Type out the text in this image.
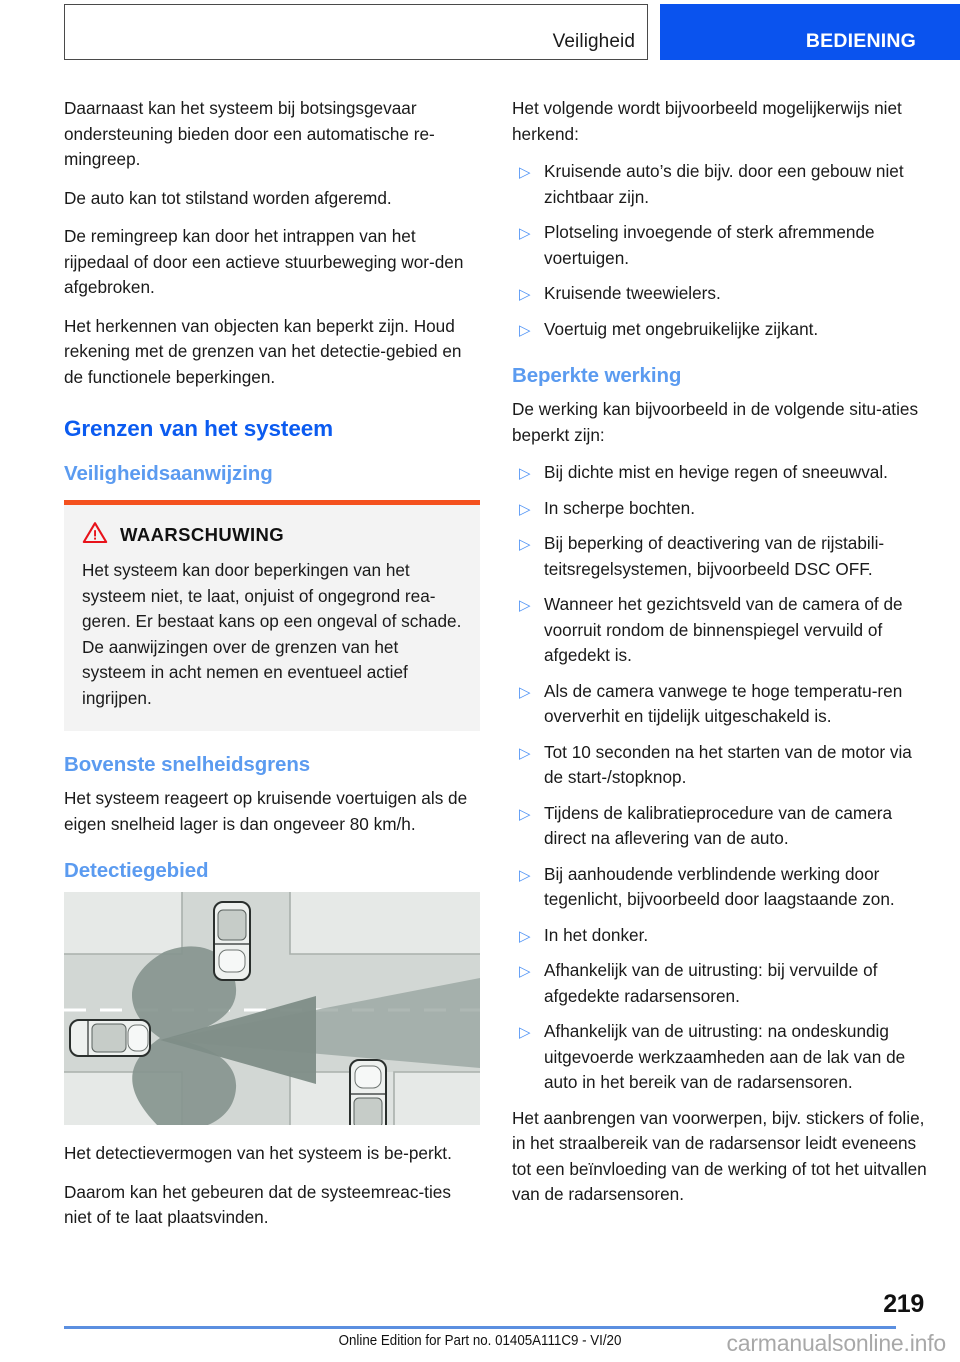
Veiligheid	BEDIENING

Daarnaast kan het systeem bij botsingsgevaar ondersteuning bieden door een automatische re-mingreep.

De auto kan tot stilstand worden afgeremd.

De remingreep kan door het intrappen van het rijpedaal of door een actieve stuurbeweging wor-den afgebroken.

Het herkennen van objecten kan beperkt zijn. Houd rekening met de grenzen van het detectie-gebied en de functionele beperkingen.

Grenzen van het systeem
Veiligheidsaanwijzing
WAARSCHUWING

Het systeem kan door beperkingen van het systeem niet, te laat, onjuist of ongegrond rea-geren. Er bestaat kans op een ongeval of schade. De aanwijzingen over de grenzen van het systeem in acht nemen en eventueel actief ingrijpen.

Bovenste snelheidsgrens

Het systeem reageert op kruisende voertuigen als de eigen snelheid lager is dan ongeveer 80 km/h.

Detectiegebied

Het detectievermogen van het systeem is be-perkt.

Daarom kan het gebeuren dat de systeemreac-ties niet of te laat plaatsvinden.

Het volgende wordt bijvoorbeeld mogelijkerwijs niet herkend:

▷ Kruisende auto’s die bijv. door een gebouw niet zichtbaar zijn.
▷ Plotseling invoegende of sterk afremmende voertuigen.
▷ Kruisende tweewielers.
▷ Voertuig met ongebruikelijke zijkant.
Beperkte werking

De werking kan bijvoorbeeld in de volgende situ-aties beperkt zijn:

▷ Bij dichte mist en hevige regen of sneeuwval.
▷ In scherpe bochten.
▷ Bij beperking of deactivering van de rijstabili-teitsregelsystemen, bijvoorbeeld DSC OFF.
▷ Wanneer het gezichtsveld van de camera of de voorruit rondom de binnenspiegel vervuild of afgedekt is.
▷ Als de camera vanwege te hoge temperatu-ren oververhit en tijdelijk uitgeschakeld is.
▷ Tot 10 seconden na het starten van de motor via de start-/stopknop.
▷ Tijdens de kalibratieprocedure van de camera direct na aflevering van de auto.
▷ Bij aanhoudende verblindende werking door tegenlicht, bijvoorbeeld door laagstaande zon.
▷ In het donker.
▷ Afhankelijk van de uitrusting: bij vervuilde of afgedekte radarsensoren.
▷ Afhankelijk van de uitrusting: na ondeskundig uitgevoerde werkzaamheden aan de lak van de auto in het bereik van de radarsensoren.

Het aanbrengen van voorwerpen, bijv. stickers of folie, in het straalbereik van de radarsensor leidt eveneens tot een beïnvloeding van de werking of tot het uitvallen van de radarsensoren.

219
Online Edition for Part no. 01405A111C9 - VI/20	carmanualsonline.info
